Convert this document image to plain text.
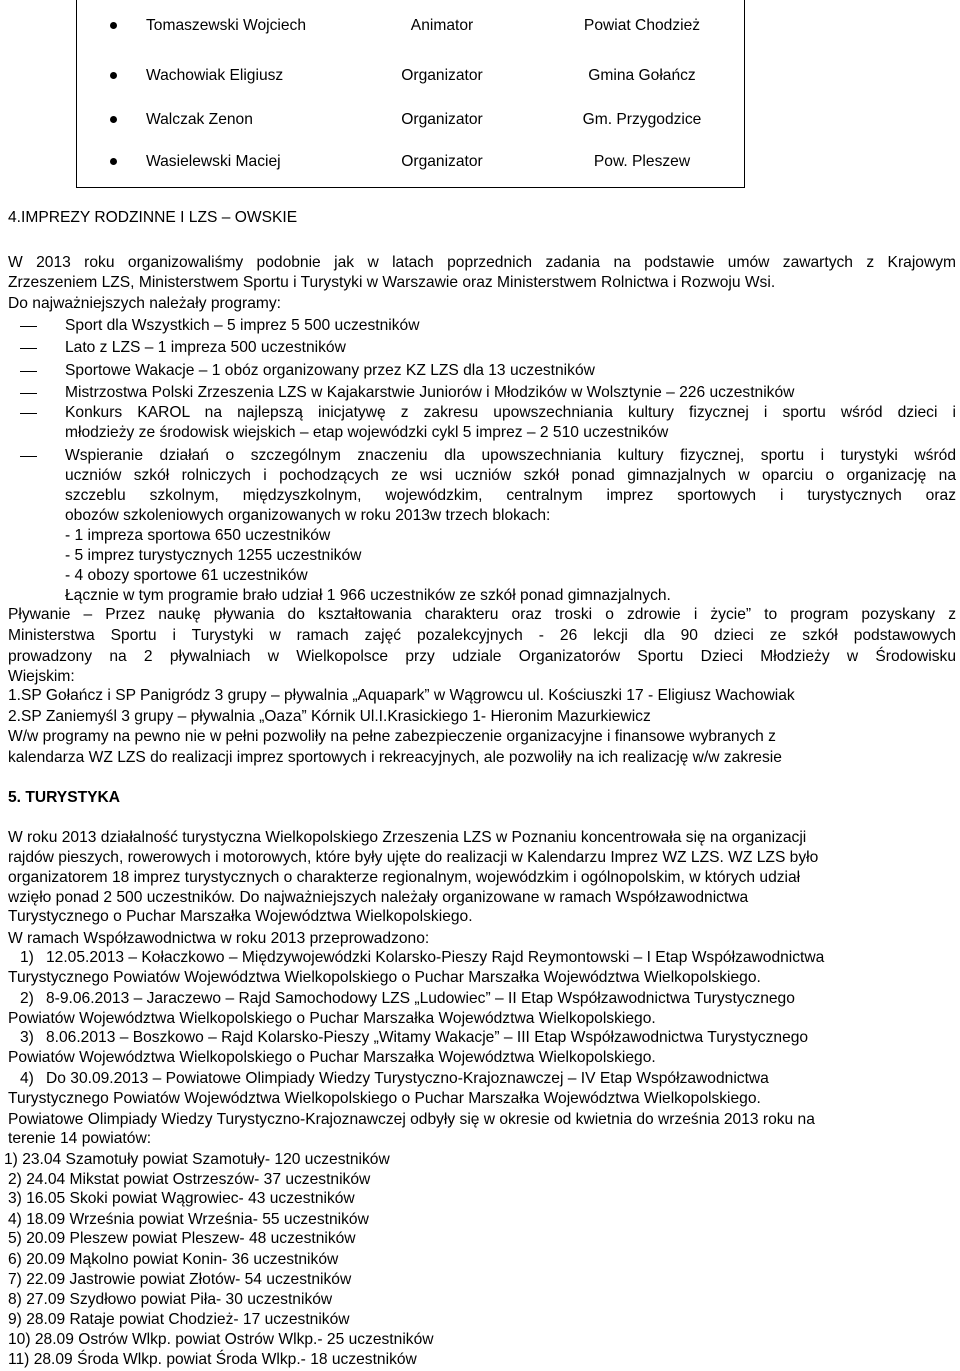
Tomaszewski Wojciech	Animator	Powiat Chodzież
Wachowiak Eligiusz	Organizator	Gmina Gołańcz
Walczak Zenon	Organizator	Gm. Przygodzice
Wasielewski Maciej	Organizator	Pow. Pleszew
4.IMPREZY RODZINNE I LZS – OWSKIE
W 2013 roku organizowaliśmy podobnie jak w latach poprzednich zadania na podstawie umów zawartych z Krajowym
Zrzeszeniem LZS, Ministerstwem Sportu i Turystyki w Warszawie oraz Ministerstwem Rolnictwa i Rozwoju Wsi.
Do najważniejszych należały programy:
Sport dla Wszystkich – 5 imprez 5 500 uczestników
Lato z LZS – 1 impreza 500 uczestników
Sportowe Wakacje – 1 obóz organizowany przez KZ LZS dla 13 uczestników
Mistrzostwa Polski Zrzeszenia LZS w Kajakarstwie Juniorów i Młodzików w Wolsztynie – 226 uczestników
Konkurs KAROL na najlepszą inicjatywę z zakresu upowszechniania kultury fizycznej i sportu wśród dzieci i
młodzieży ze środowisk wiejskich – etap wojewódzki cykl 5 imprez – 2 510 uczestników
Wspieranie działań o szczególnym znaczeniu dla upowszechniania kultury fizycznej, sportu i turystyki wśród
uczniów szkół rolniczych i pochodzących ze wsi uczniów szkół ponad gimnazjalnych w oparciu o organizację na
szczeblu szkolnym, międzyszkolnym, wojewódzkim, centralnym imprez sportowych i turystycznych oraz
obozów szkoleniowych organizowanych w roku 2013w trzech blokach:
- 1 impreza sportowa 650 uczestników
- 5 imprez turystycznych 1255 uczestników
- 4 obozy sportowe 61 uczestników
Łącznie w tym programie brało udział 1 966 uczestników ze szkół ponad gimnazjalnych.
Pływanie – Przez naukę pływania do kształtowania charakteru oraz troski o zdrowie i życie” to program pozyskany z
Ministerstwa Sportu i Turystyki w ramach zajęć pozalekcyjnych - 26 lekcji dla 90 dzieci ze szkół podstawowych
prowadzony na 2 pływalniach w Wielkopolsce przy udziale Organizatorów Sportu Dzieci Młodzieży w Środowisku
Wiejskim:
1.SP Gołańcz i SP Panigródz 3 grupy – pływalnia „Aquapark” w Wągrowcu ul. Kościuszki 17 - Eligiusz Wachowiak
2.SP Zaniemyśl 3 grupy – pływalnia „Oaza” Kórnik Ul.I.Krasickiego 1- Hieronim Mazurkiewicz
W/w programy na pewno nie w pełni pozwoliły na pełne zabezpieczenie organizacyjne i finansowe wybranych z
kalendarza WZ LZS do realizacji imprez sportowych i rekreacyjnych, ale pozwoliły na ich realizację w/w zakresie
5. TURYSTYKA
W roku 2013 działalność turystyczna Wielkopolskiego Zrzeszenia LZS w Poznaniu koncentrowała się na organizacji
rajdów pieszych, rowerowych i motorowych, które były ujęte do realizacji w Kalendarzu Imprez WZ LZS. WZ LZS było
organizatorem 18 imprez turystycznych o charakterze regionalnym, wojewódzkim i ogólnopolskim, w których udział
wzięło ponad 2 500 uczestników. Do najważniejszych należały organizowane w ramach Współzawodnictwa
Turystycznego o Puchar Marszałka Województwa Wielkopolskiego.
W ramach Współzawodnictwa w roku 2013 przeprowadzono:
1) 12.05.2013 – Kołaczkowo – Międzywojewódzki Kolarsko-Pieszy Rajd Reymontowski – I Etap Współzawodnictwa
Turystycznego Powiatów Województwa Wielkopolskiego o Puchar Marszałka Województwa Wielkopolskiego.
2) 8-9.06.2013 – Jaraczewo – Rajd Samochodowy LZS „Ludowiec” – II Etap Współzawodnictwa Turystycznego
Powiatów Województwa Wielkopolskiego o Puchar Marszałka Województwa Wielkopolskiego.
3) 8.06.2013 – Boszkowo – Rajd Kolarsko-Pieszy „Witamy Wakacje” – III Etap Współzawodnictwa Turystycznego
Powiatów Województwa Wielkopolskiego o Puchar Marszałka Województwa Wielkopolskiego.
4) Do 30.09.2013 – Powiatowe Olimpiady Wiedzy Turystyczno-Krajoznawczej – IV Etap Współzawodnictwa
Turystycznego Powiatów Województwa Wielkopolskiego o Puchar Marszałka Województwa Wielkopolskiego.
Powiatowe Olimpiady Wiedzy Turystyczno-Krajoznawczej odbyły się w okresie od kwietnia do września 2013 roku na
terenie 14 powiatów:
1) 23.04 Szamotuły powiat Szamotuły- 120 uczestników
2) 24.04 Mikstat powiat Ostrzeszów- 37 uczestników
3) 16.05 Skoki powiat Wągrowiec- 43 uczestników
4) 18.09 Września powiat Września- 55 uczestników
5) 20.09 Pleszew powiat Pleszew- 48 uczestników
6) 20.09 Mąkolno powiat Konin- 36 uczestników
7) 22.09 Jastrowie powiat Złotów- 54 uczestników
8) 27.09 Szydłowo powiat Piła- 30 uczestników
9) 28.09 Rataje powiat Chodzież- 17 uczestników
10) 28.09 Ostrów Wlkp. powiat Ostrów Wlkp.- 25 uczestników
11) 28.09 Środa Wlkp. powiat Środa Wlkp.- 18 uczestników
